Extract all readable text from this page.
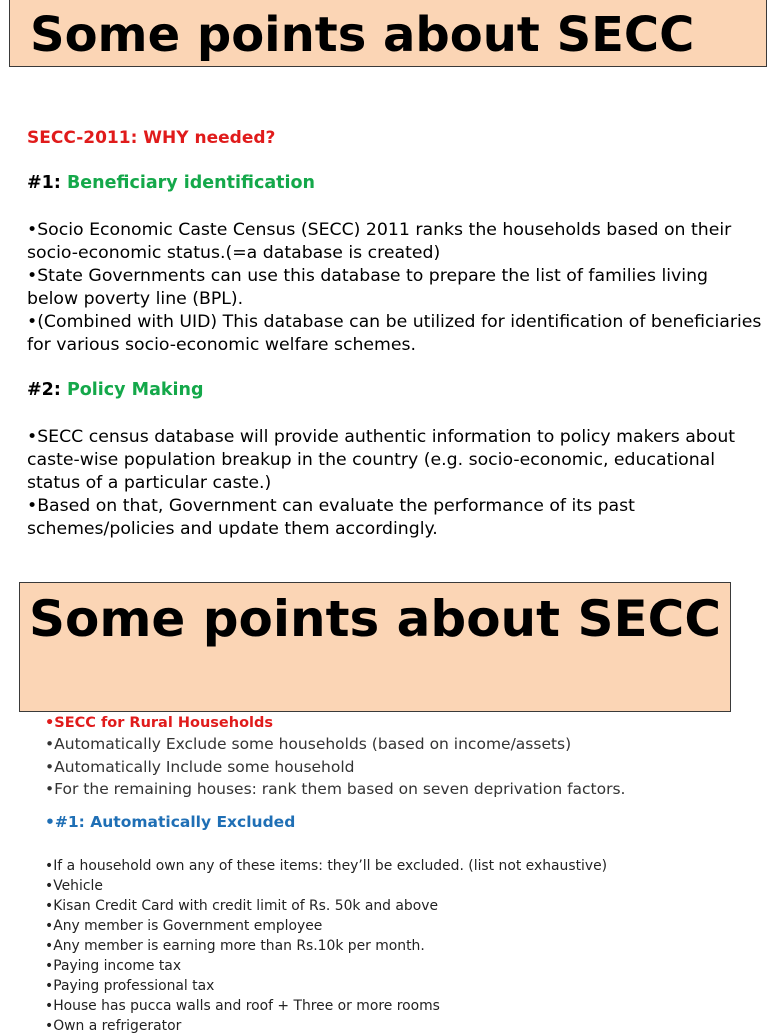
Some points about SECC
SECC-2011: WHY needed?
#1: Beneficiary identification

•Socio Economic Caste Census (SECC) 2011 ranks the households based on their socio-economic status.(=a database is created)

•State Governments can use this database to prepare the list of families living below poverty line (BPL).

•(Combined with UID) This database can be utilized for identification of beneficiaries for various socio-economic welfare schemes.

#2: Policy Making

•SECC census database will provide authentic information to policy makers about caste-wise population breakup in the country (e.g. socio-economic, educational status of a particular caste.)

•Based on that, Government can evaluate the performance of its past schemes/policies and update them accordingly.

Some points about SECC
•SECC for Rural Households

•Automatically Exclude some households (based on income/assets)

•Automatically Include some household

•For the remaining houses: rank them based on seven deprivation factors.

•#1: Automatically Excluded

•If a household own any of these items: they’ll be excluded. (list not exhaustive)

•Vehicle

•Kisan Credit Card with credit limit of Rs. 50k and above

•Any member is Government employee

•Any member is earning more than Rs.10k per month.

•Paying income tax

•Paying professional tax

•House has pucca walls and roof + Three or more rooms

•Own a refrigerator
